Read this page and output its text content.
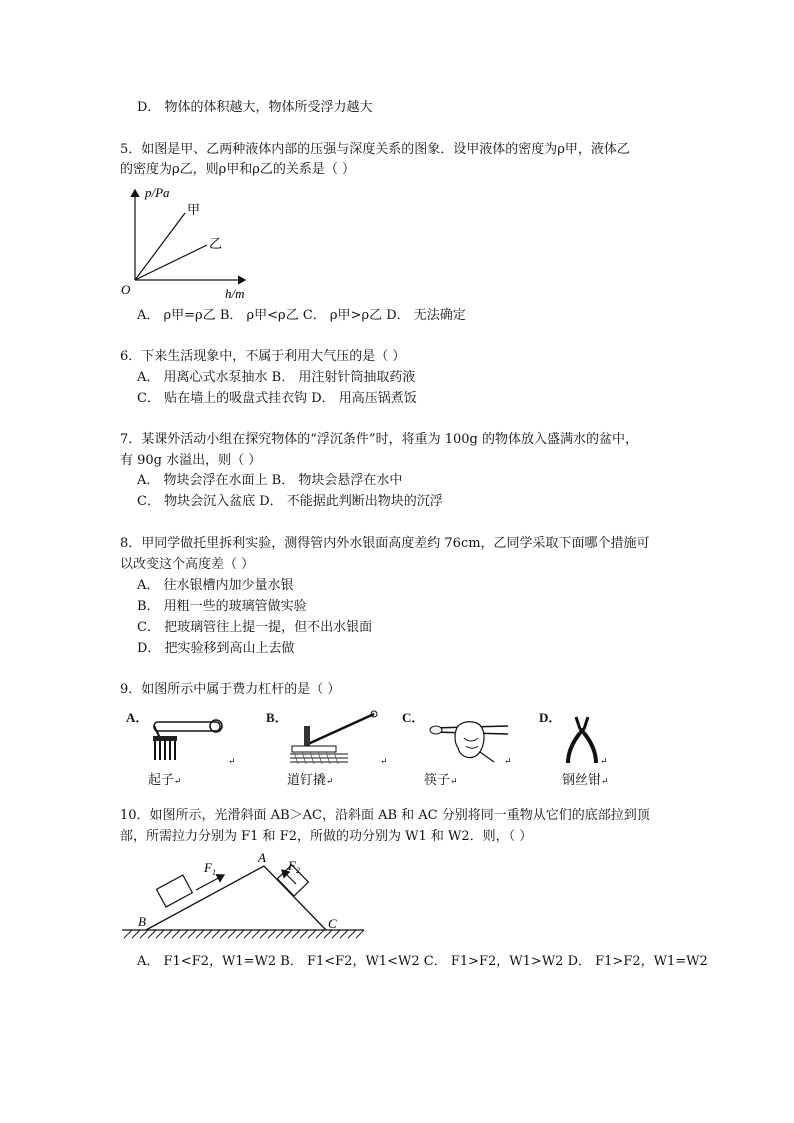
D． 物体的体积越大，物体所受浮力越大
5．如图是甲、乙两种液体内部的压强与深度关系的图象．设甲液体的密度为ρ甲，液体乙
的密度为ρ乙，则ρ甲和ρ乙的关系是（ ）
p/Pa
h/m
O
甲
乙
A． ρ甲=ρ乙 B． ρ甲<ρ乙 C． ρ甲>ρ乙 D． 无法确定
6．下来生活现象中，不属于利用大气压的是（ ）
A． 用离心式水泵抽水 B． 用注射针筒抽取药液
C． 贴在墙上的吸盘式挂衣钩 D． 用高压锅煮饭
7．某课外活动小组在探究物体的“浮沉条件”时，将重为 100g 的物体放入盛满水的盆中，
有 90g 水溢出，则（ ）
A． 物块会浮在水面上 B． 物块会悬浮在水中
C． 物块会沉入盆底 D． 不能据此判断出物块的沉浮
8．甲同学做托里拆利实验，测得管内外水银面高度差约 76cm，乙同学采取下面哪个措施可
以改变这个高度差（ ）
A． 往水银槽内加少量水银
B． 用粗一些的玻璃管做实验
C． 把玻璃管往上提一提，但不出水银面
D． 把实验移到高山上去做
9．如图所示中属于费力杠杆的是（ ）
A．	B．	C．	D．
起子↵
↵
道钉撬↵
↵
筷子↵
↵
钢丝钳↵
↵
10．如图所示，光滑斜面 AB＞AC，沿斜面 AB 和 AC 分别将同一重物从它们的底部拉到顶
部，所需拉力分别为 F1 和 F2，所做的功分别为 W1 和 W2．则，（ ）
$F_1$	$F_2$
A
B	C
A． F1<F2，W1=W2 B． F1<F2，W1<W2 C． F1>F2，W1>W2 D． F1>F2，W1=W2
